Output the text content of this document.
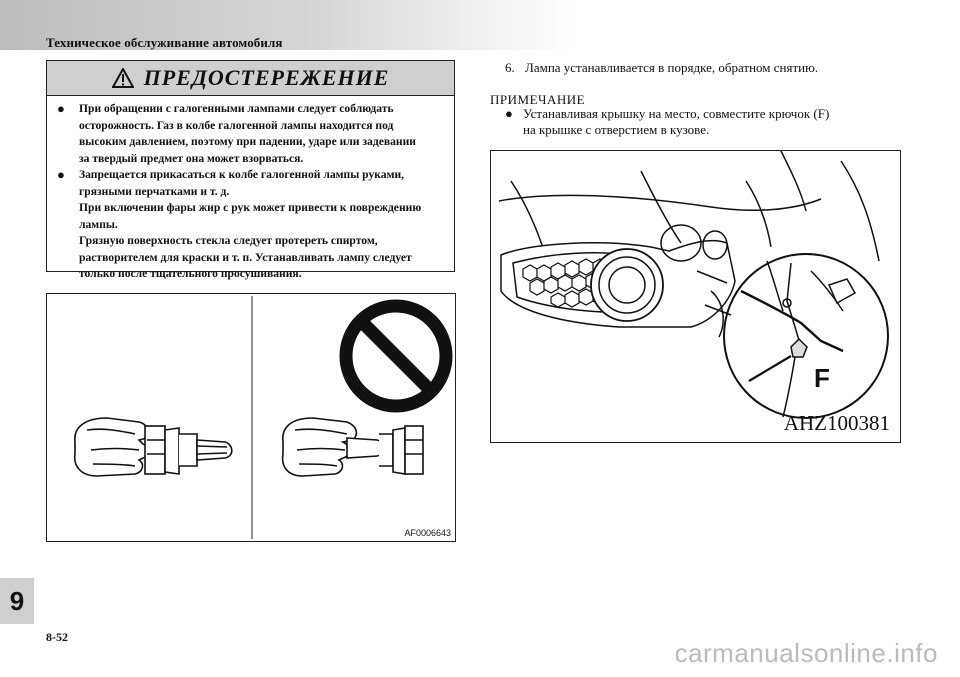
Техническое обслуживание автомобиля
ПРЕДОСТЕРЕЖЕНИЕ
●	При обращении с галогенными лампами следует соблюдать
осторожность. Газ в колбе галогенной лампы находится под
высоким давлением, поэтому при падении, ударе или задевании
за твердый предмет она может взорваться.
●	Запрещается прикасаться к колбе галогенной лампы руками,
грязными перчатками и т. д.
При включении фары жир с рук может привести к повреждению
лампы.
Грязную поверхность стекла следует протереть спиртом,
растворителем для краски и т. п. Устанавливать лампу следует
только после тщательного просушивания.
AF0006643
6. Лампа устанавливается в порядке, обратном снятию.
ПРИМЕЧАНИЕ
● Устанавливая крышку на место, совместите крючок (F)
на крышке с отверстием в кузове.
F
AHZ100381
9
8-52
carmanualsonline.info
